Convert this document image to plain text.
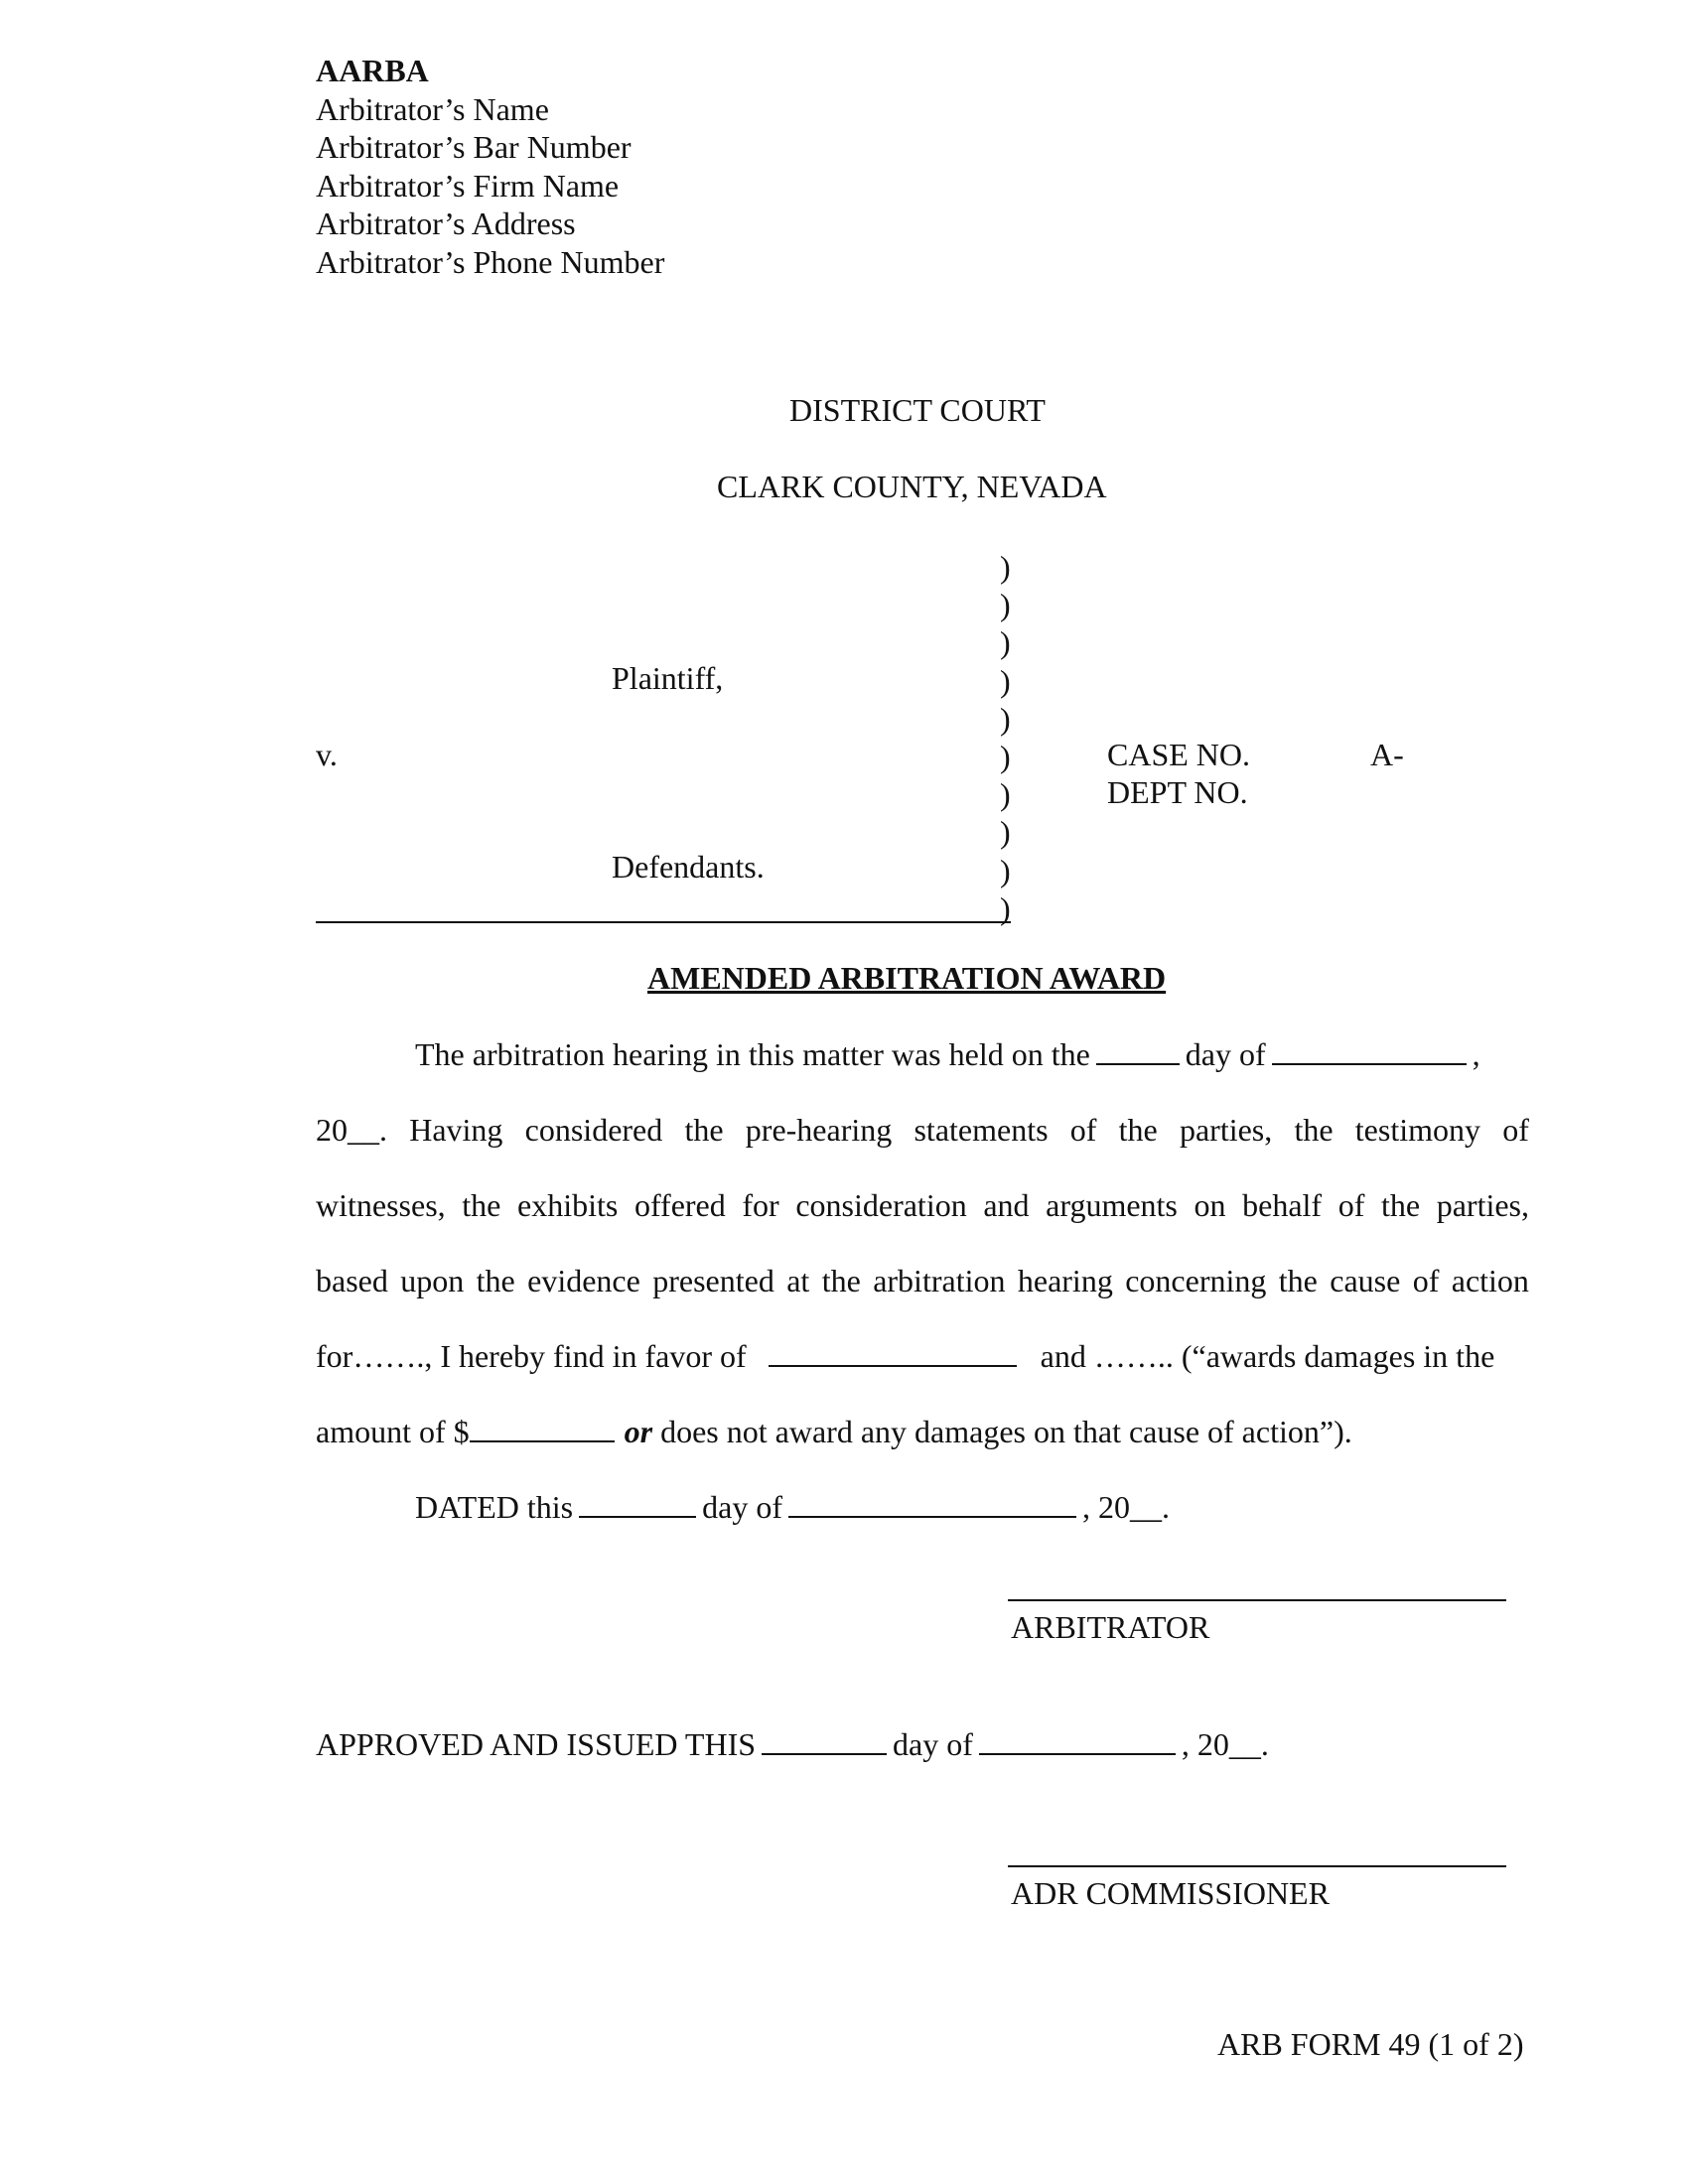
AARBA
Arbitrator’s Name
Arbitrator’s Bar Number
Arbitrator’s Firm Name
Arbitrator’s Address
Arbitrator’s Phone Number
DISTRICT COURT
CLARK COUNTY, NEVADA
)
)
)
)
)
)
)
)
)
)
Plaintiff,
v.
Defendants.
CASE NO.	A-
DEPT NO.
AMENDED ARBITRATION AWARD
The arbitration hearing in this matter was held on the	day of	,
20__. Having considered the pre-hearing statements of the parties, the testimony of
witnesses, the exhibits offered for consideration and arguments on behalf of the parties,
based upon the evidence presented at the arbitration hearing concerning the cause of action
for……., I hereby find in favor of	and …….. (“awards damages in the
amount of $	or does not award any damages on that cause of action”).
DATED this	day of	, 20__.
ARBITRATOR
APPROVED AND ISSUED THIS	day of	, 20__.
ADR COMMISSIONER
ARB FORM 49 (1 of 2)
